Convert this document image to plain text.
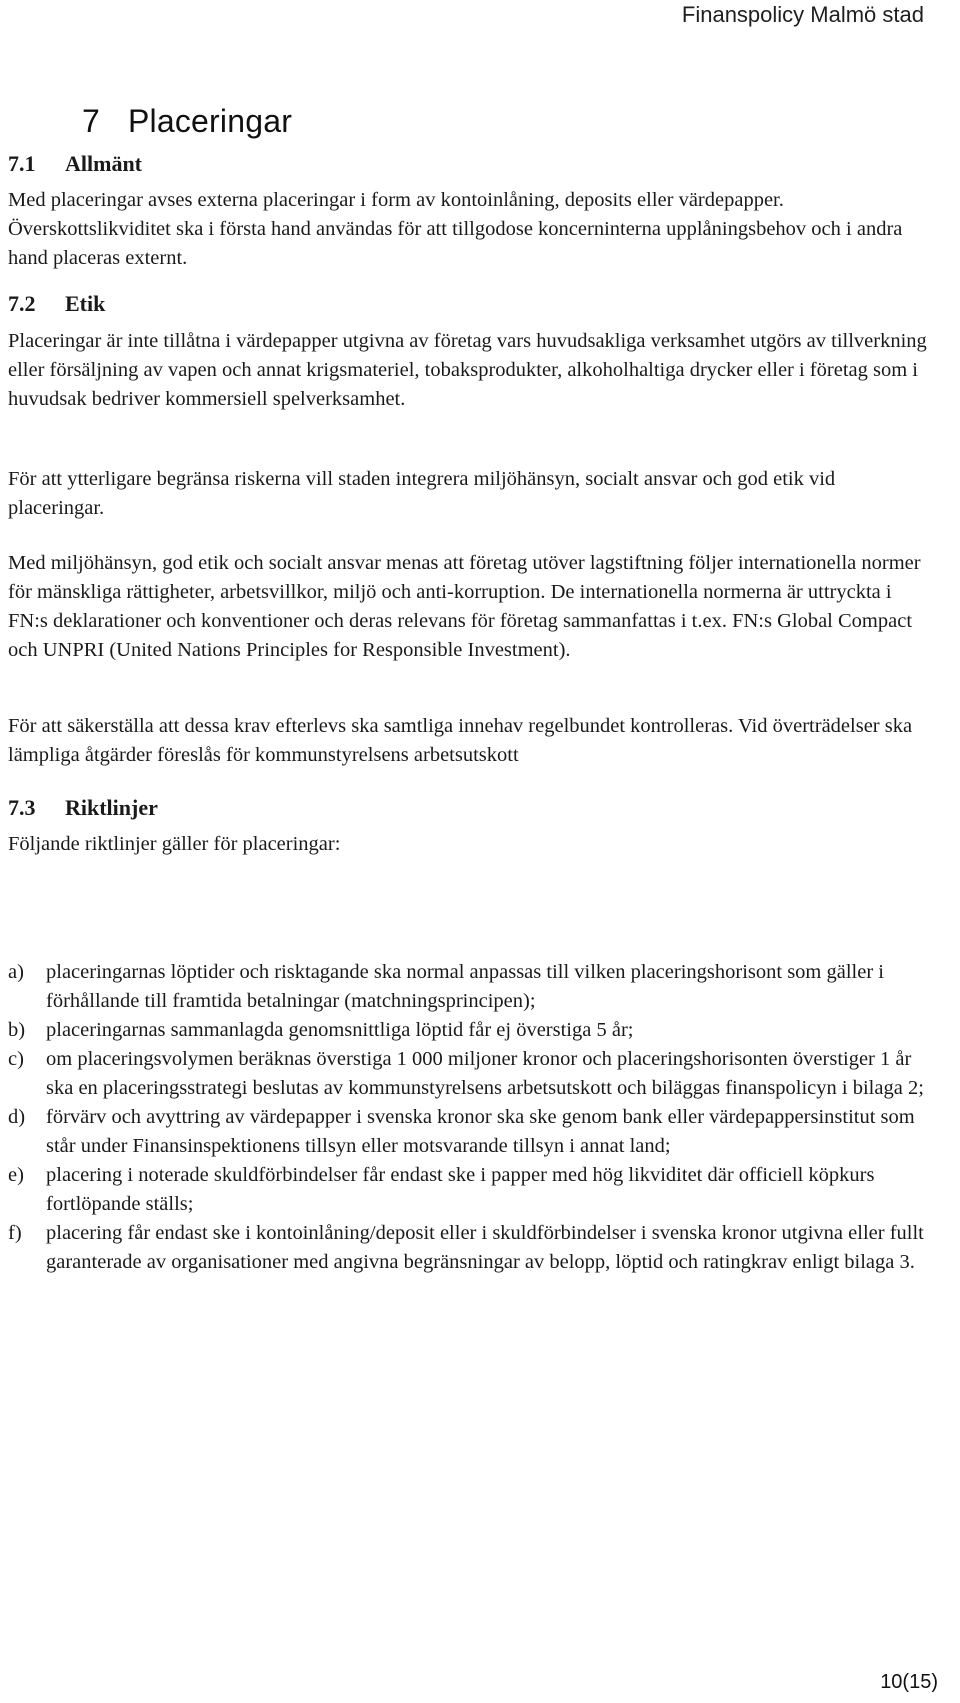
Finanspolicy Malmö stad
7 Placeringar
7.1 Allmänt
Med placeringar avses externa placeringar i form av kontoinlåning, deposits eller värdepapper. Överskottslikviditet ska i första hand användas för att tillgodose koncerninterna upplåningsbehov och i andra hand placeras externt.
7.2 Etik
Placeringar är inte tillåtna i värdepapper utgivna av företag vars huvudsakliga verksamhet utgörs av tillverkning eller försäljning av vapen och annat krigsmateriel, tobaksprodukter, alkoholhaltiga drycker eller i företag som i huvudsak bedriver kommersiell spelverksamhet.
För att ytterligare begränsa riskerna vill staden integrera miljöhänsyn, socialt ansvar och god etik vid placeringar.
Med miljöhänsyn, god etik och socialt ansvar menas att företag utöver lagstiftning följer internationella normer för mänskliga rättigheter, arbetsvillkor, miljö och anti-korruption. De internationella normerna är uttryckta i FN:s deklarationer och konventioner och deras relevans för företag sammanfattas i t.ex. FN:s Global Compact och UNPRI (United Nations Principles for Responsible Investment).
För att säkerställa att dessa krav efterlevs ska samtliga innehav regelbundet kontrolleras. Vid överträdelser ska lämpliga åtgärder föreslås för kommunstyrelsens arbetsutskott
7.3 Riktlinjer
Följande riktlinjer gäller för placeringar:
a) placeringarnas löptider och risktagande ska normal anpassas till vilken placeringshorisont som gäller i förhållande till framtida betalningar (matchningsprincipen);
b) placeringarnas sammanlagda genomsnittliga löptid får ej överstiga 5 år;
c) om placeringsvolymen beräknas överstiga 1 000 miljoner kronor och placeringshorisonten överstiger 1 år ska en placeringsstrategi beslutas av kommunstyrelsens arbetsutskott och biläggas finanspolicyn i bilaga 2;
d) förvärv och avyttring av värdepapper i svenska kronor ska ske genom bank eller värdepappersinstitut som står under Finansinspektionens tillsyn eller motsvarande tillsyn i annat land;
e) placering i noterade skuldförbindelser får endast ske i papper med hög likviditet där officiell köpkurs fortlöpande ställs;
f) placering får endast ske i kontoinlåning/deposit eller i skuldförbindelser i svenska kronor utgivna eller fullt garanterade av organisationer med angivna begränsningar av belopp, löptid och ratingkrav enligt bilaga 3.
10(15)
